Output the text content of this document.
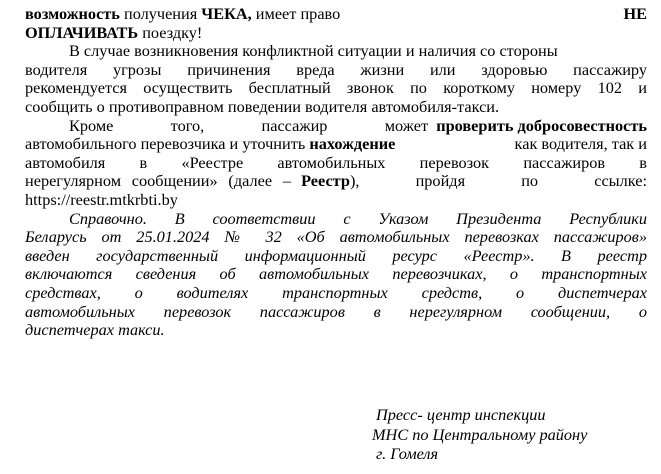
возможность получения ЧЕКА, имеет право	НЕ
ОПЛАЧИВАТЬ поездку!
В случае возникновения конфликтной ситуации и наличия со стороны
водителя угрозы причинения вреда жизни или здоровью пассажиру
рекомендуется осуществить бесплатный звонок по короткому номеру 102 и
сообщить о противоправном поведении водителя автомобиля-такси.
Кроме того, пассажир может проверить добросовестность
автомобильного перевозчика и уточнить нахождение	как водителя, так и
автомобиля в «Реестре автомобильных перевозок пассажиров в
нерегулярном сообщении» (далее – Реестр ), пройдя по ссылке:
https://reestr.mtkrbti.by
Справочно. В соответствии с Указом Президента Республики
Беларусь от 25.01.2024 № 32 «Об автомобильных перевозках пассажиров»
введен государственный информационный ресурс «Реестр». В реестр
включаются сведения об автомобильных перевозчиках, о транспортных
средствах, о водителях транспортных средств, о диспетчерах
автомобильных перевозок пассажиров в нерегулярном сообщении, о
диспетчерах такси.
Пресс- центр инспекции
МНС по Центральному району
г. Гомеля
